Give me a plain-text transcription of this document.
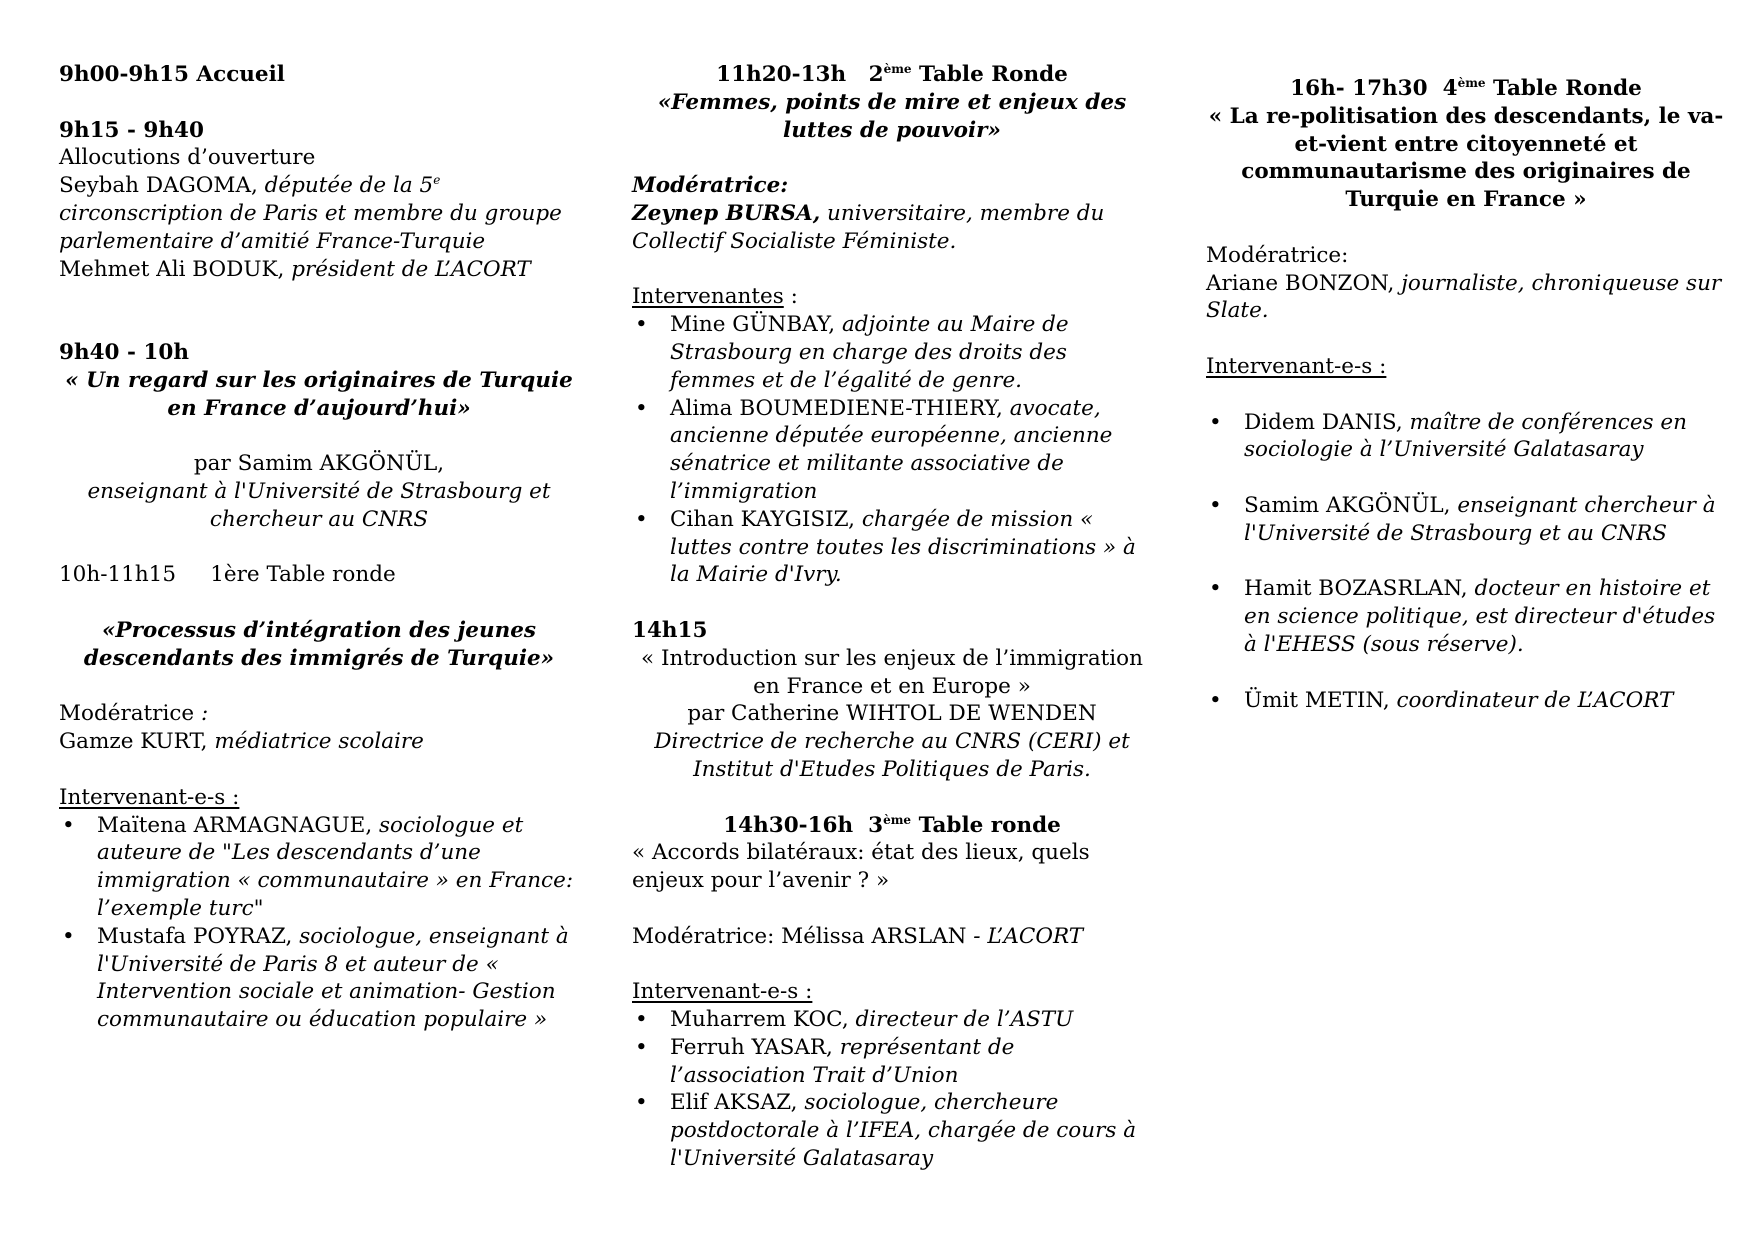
9h00-9h15 Accueil

9h15 - 9h40

Allocutions d’ouverture

Seybah DAGOMA, députée de la 5e circonscription de Paris et membre du groupe parlementaire d’amitié France-Turquie

Mehmet Ali BODUK, président de L’ACORT

9h40 - 10h

« Un regard sur les originaires de Turquie en France d’aujourd’hui»

par Samim AKGÖNÜL,

enseignant à l'Université de Strasbourg et chercheur au CNRS

10h-11h15 1ère Table ronde

«Processus d’intégration des jeunes descendants des immigrés de Turquie»

Modératrice :

Gamze KURT, médiatrice scolaire

Intervenant-e-s :

• Maïtena ARMAGNAGUE, sociologue et auteure de "Les descendants d’une immigration « communautaire » en France: l’exemple turc"
• Mustafa POYRAZ, sociologue, enseignant à l'Université de Paris 8 et auteur de « Intervention sociale et animation- Gestion communautaire ou éducation populaire »

11h20-13h 2ème Table Ronde

«Femmes, points de mire et enjeux des luttes de pouvoir»

Modératrice:

Zeynep BURSA, universitaire, membre du Collectif Socialiste Féministe.

Intervenantes :

• Mine GÜNBAY, adjointe au Maire de Strasbourg en charge des droits des femmes et de l’égalité de genre.
• Alima BOUMEDIENE-THIERY, avocate, ancienne députée européenne, ancienne sénatrice et militante associative de l’immigration
• Cihan KAYGISIZ, chargée de mission « luttes contre toutes les discriminations » à la Mairie d'Ivry.

14h15

« Introduction sur les enjeux de l’immigration en France et en Europe »

par Catherine WIHTOL DE WENDEN

Directrice de recherche au CNRS (CERI) et Institut d'Etudes Politiques de Paris.

14h30-16h 3ème Table ronde

« Accords bilatéraux: état des lieux, quels enjeux pour l’avenir ? »

Modératrice: Mélissa ARSLAN - L’ACORT

Intervenant-e-s :

• Muharrem KOC, directeur de l’ASTU
• Ferruh YASAR, représentant de l’association Trait d’Union
• Elif AKSAZ, sociologue, chercheure postdoctorale à l’IFEA, chargée de cours à l'Université Galatasaray

16h- 17h30 4ème Table Ronde

« La re-politisation des descendants, le va-et-vient entre citoyenneté et communautarisme des originaires de Turquie en France »

Modératrice:

Ariane BONZON, journaliste, chroniqueuse sur Slate.

Intervenant-e-s :

• Didem DANIS, maître de conférences en sociologie à l’Université Galatasaray
• Samim AKGÖNÜL, enseignant chercheur à l'Université de Strasbourg et au CNRS
• Hamit BOZASRLAN, docteur en histoire et en science politique, est directeur d'études à l'EHESS (sous réserve).
• Ümit METIN, coordinateur de L’ACORT
